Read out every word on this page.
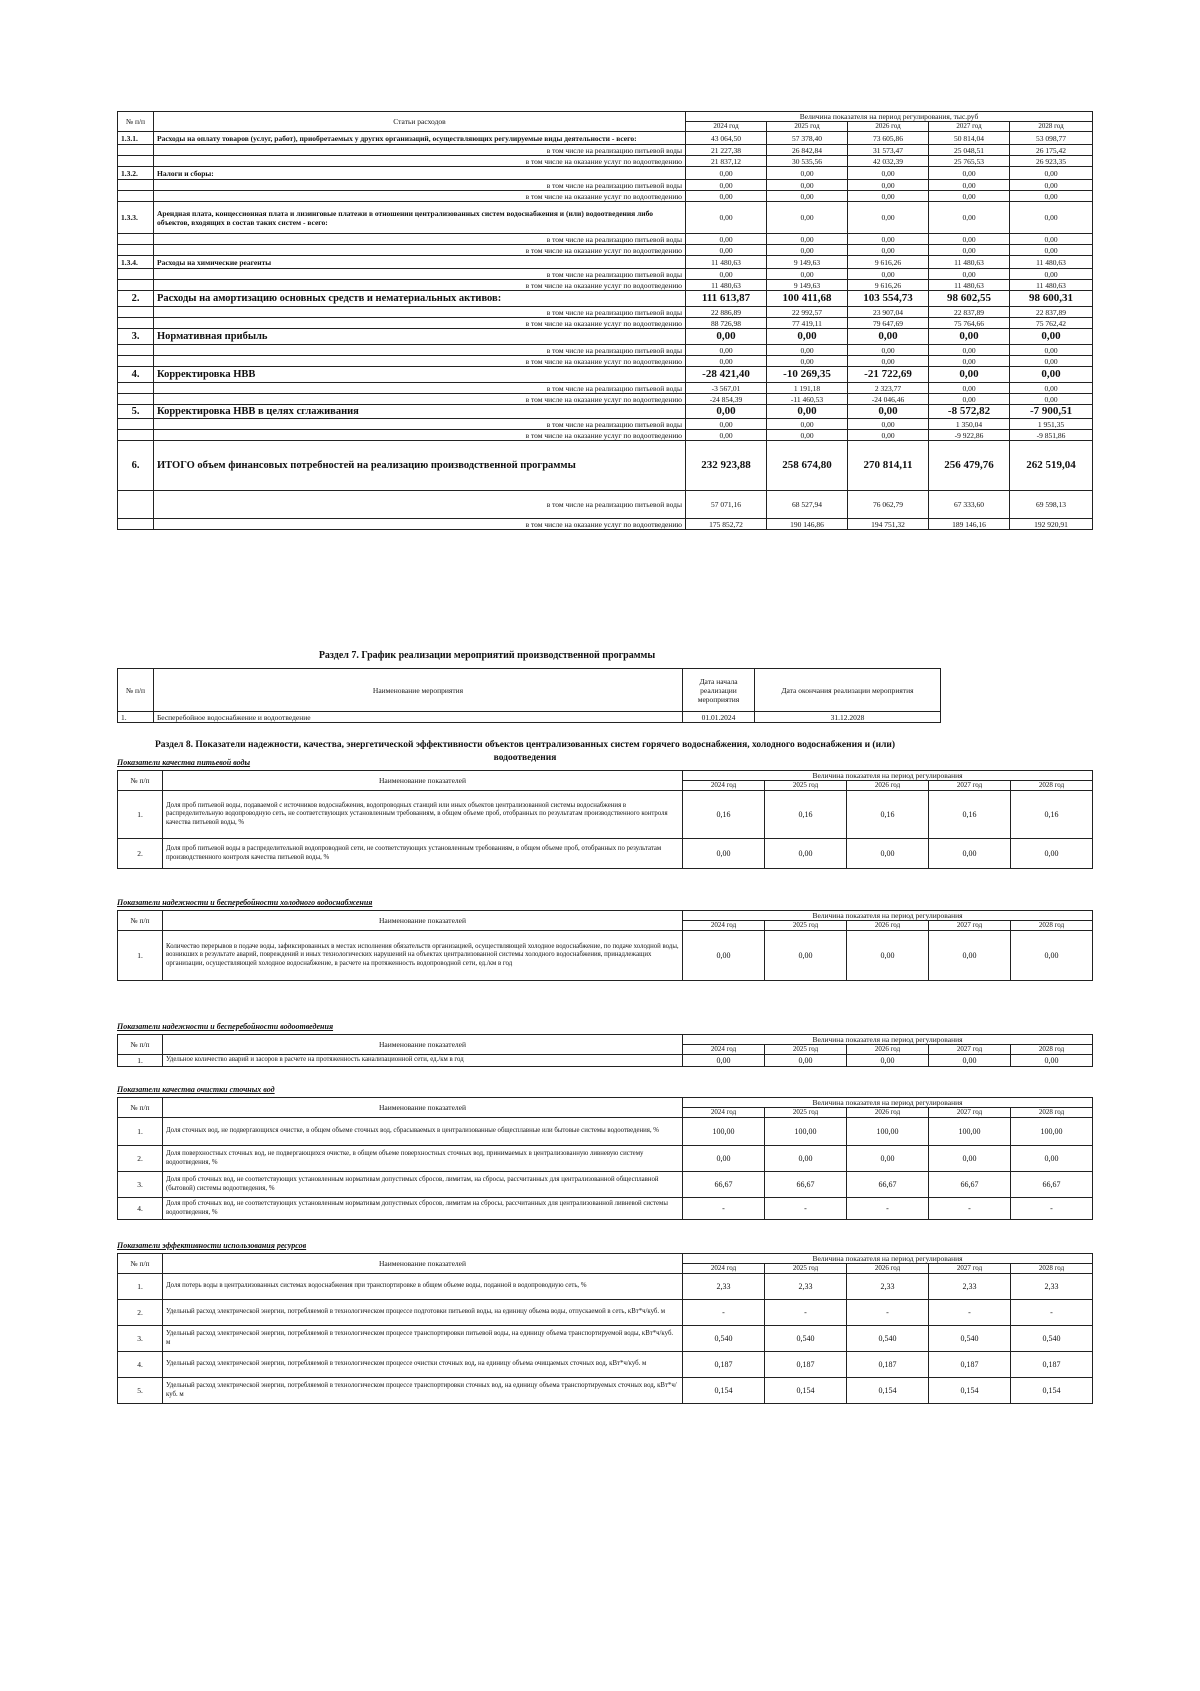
№ п/п	Статьи расходов	Величина показателя на период регулирования, тыс.руб				
		2024 год	2025 год	2026 год	2027 год	2028 год
1.3.1.	Расходы на оплату товаров (услуг, работ), приобретаемых у других организаций, осуществляющих регулируемые виды деятельности - всего:	43 064,50	57 378,40	73 605,86	50 814,04	53 098,77
	в том числе на реализацию питьевой воды	21 227,38	26 842,84	31 573,47	25 048,51	26 175,42
	в том числе на оказание услуг по водоотведению	21 837,12	30 535,56	42 032,39	25 765,53	26 923,35
1.3.2.	Налоги и сборы:	0,00	0,00	0,00	0,00	0,00
	в том числе на реализацию питьевой воды	0,00	0,00	0,00	0,00	0,00
	в том числе на оказание услуг по водоотведению	0,00	0,00	0,00	0,00	0,00
1.3.3.	Арендная плата, концессионная плата и лизинговые платежи в отношении централизованных систем водоснабжения и (или) водоотведения либо объектов, входящих в состав таких систем - всего:	0,00	0,00	0,00	0,00	0,00
	в том числе на реализацию питьевой воды	0,00	0,00	0,00	0,00	0,00
	в том числе на оказание услуг по водоотведению	0,00	0,00	0,00	0,00	0,00
1.3.4.	Расходы на химические реагенты	11 480,63	9 149,63	9 616,26	11 480,63	11 480,63
	в том числе на реализацию питьевой воды	0,00	0,00	0,00	0,00	0,00
	в том числе на оказание услуг по водоотведению	11 480,63	9 149,63	9 616,26	11 480,63	11 480,63
2.	Расходы на амортизацию основных средств и нематериальных активов:	111 613,87	100 411,68	103 554,73	98 602,55	98 600,31
	в том числе на реализацию питьевой воды	22 886,89	22 992,57	23 907,04	22 837,89	22 837,89
	в том числе на оказание услуг по водоотведению	88 726,98	77 419,11	79 647,69	75 764,66	75 762,42
3.	Нормативная прибыль	0,00	0,00	0,00	0,00	0,00
	в том числе на реализацию питьевой воды	0,00	0,00	0,00	0,00	0,00
	в том числе на оказание услуг по водоотведению	0,00	0,00	0,00	0,00	0,00
4.	Корректировка НВВ	-28 421,40	-10 269,35	-21 722,69	0,00	0,00
	в том числе на реализацию питьевой воды	-3 567,01	1 191,18	2 323,77	0,00	0,00
	в том числе на оказание услуг по водоотведению	-24 854,39	-11 460,53	-24 046,46	0,00	0,00
5.	Корректировка НВВ в целях сглаживания	0,00	0,00	0,00	-8 572,82	-7 900,51
	в том числе на реализацию питьевой воды	0,00	0,00	0,00	1 350,04	1 951,35
	в том числе на оказание услуг по водоотведению	0,00	0,00	0,00	-9 922,86	-9 851,86
6.	ИТОГО объем финансовых потребностей на реализацию производственной программы	232 923,88	258 674,80	270 814,11	256 479,76	262 519,04
	в том числе на реализацию питьевой воды	57 071,16	68 527,94	76 062,79	67 333,60	69 598,13
	в том числе на оказание услуг по водоотведению	175 852,72	190 146,86	194 751,32	189 146,16	192 920,91
Раздел 7. График реализации мероприятий производственной программы
№ п/п	Наименование мероприятия	Дата начала реализации мероприятия	Дата окончания реализации мероприятия
1.	Бесперебойное водоснабжение и водоотведение	01.01.2024	31.12.2028
Раздел 8. Показатели надежности, качества, энергетической эффективности объектов централизованных систем горячего водоснабжения, холодного водоснабжения и (или) водоотведения
Показатели качества питьевой воды
№ п/п	Наименование показателей	Величина показателя на период регулирования				
		2024 год	2025 год	2026 год	2027 год	2028 год
1.	Доля проб питьевой воды, подаваемой с источников водоснабжения, водопроводных станций или иных объектов централизованной системы водоснабжения в распределительную водопроводную сеть, не соответствующих установленным требованиям, в общем объеме проб, отобранных по результатам производственного контроля качества питьевой воды, %	0,16	0,16	0,16	0,16	0,16
2.	Доля проб питьевой воды в распределительной водопроводной сети, не соответствующих установленным требованиям, в общем объеме проб, отобранных по результатам производственного контроля качества питьевой воды, %	0,00	0,00	0,00	0,00	0,00
Показатели надежности и бесперебойности холодного водоснабжения
№ п/п	Наименование показателей	Величина показателя на период регулирования				
		2024 год	2025 год	2026 год	2027 год	2028 год
1.	Количество перерывов в подаче воды, зафиксированных в местах исполнения обязательств организацией, осуществляющей холодное водоснабжение, по подаче холодной воды, возникших в результате аварий, повреждений и иных технологических нарушений на объектах централизованной системы холодного водоснабжения, принадлежащих организации, осуществляющей холодное водоснабжение, в расчете на протяженность водопроводной сети, ед./км в год	0,00	0,00	0,00	0,00	0,00
Показатели надежности и бесперебойности водоотведения
№ п/п	Наименование показателей	Величина показателя на период регулирования				
		2024 год	2025 год	2026 год	2027 год	2028 год
1.	Удельное количество аварий и засоров в расчете на протяженность канализационной сети, ед./км в год	0,00	0,00	0,00	0,00	0,00
Показатели качества очистки сточных вод
№ п/п	Наименование показателей	Величина показателя на период регулирования				
		2024 год	2025 год	2026 год	2027 год	2028 год
1.	Доля сточных вод, не подвергающихся очистке, в общем объеме сточных вод, сбрасываемых в централизованные общесплавные или бытовые системы водоотведения, %	100,00	100,00	100,00	100,00	100,00
2.	Доля поверхностных сточных вод, не подвергающихся очистке, в общем объеме поверхностных сточных вод, принимаемых в централизованную ливневую систему водоотведения, %	0,00	0,00	0,00	0,00	0,00
3.	Доля проб сточных вод, не соответствующих установленным нормативам допустимых сбросов, лимитам, на сбросы, рассчитанных для централизованной общесплавной (бытовой) системы водоотведения, %	66,67	66,67	66,67	66,67	66,67
4.	Доля проб сточных вод, не соответствующих установленным нормативам допустимых сбросов, лимитам на сбросы, рассчитанных для централизованной ливневой системы водоотведения, %	-	-	-	-	-
Показатели эффективности использования ресурсов
№ п/п	Наименование показателей	Величина показателя на период регулирования				
		2024 год	2025 год	2026 год	2027 год	2028 год
1.	Доля потерь воды в централизованных системах водоснабжения при транспортировке в общем объеме воды, поданной в водопроводную сеть, %	2,33	2,33	2,33	2,33	2,33
2.	Удельный расход электрической энергии, потребляемой в технологическом процессе подготовки питьевой воды, на единицу объема воды, отпускаемой в сеть, кВт*ч/куб. м	-	-	-	-	-
3.	Удельный расход электрической энергии, потребляемой в технологическом процессе транспортировки питьевой воды, на единицу объема транспортируемой воды, кВт*ч/куб. м	0,540	0,540	0,540	0,540	0,540
4.	Удельный расход электрической энергии, потребляемой в технологическом процессе очистки сточных вод, на единицу объема очищаемых сточных вод, кВт*ч/куб. м	0,187	0,187	0,187	0,187	0,187
5.	Удельный расход электрической энергии, потребляемой в технологическом процессе транспортировки сточных вод, на единицу объема транспортируемых сточных вод, кВт*ч/куб. м	0,154	0,154	0,154	0,154	0,154
